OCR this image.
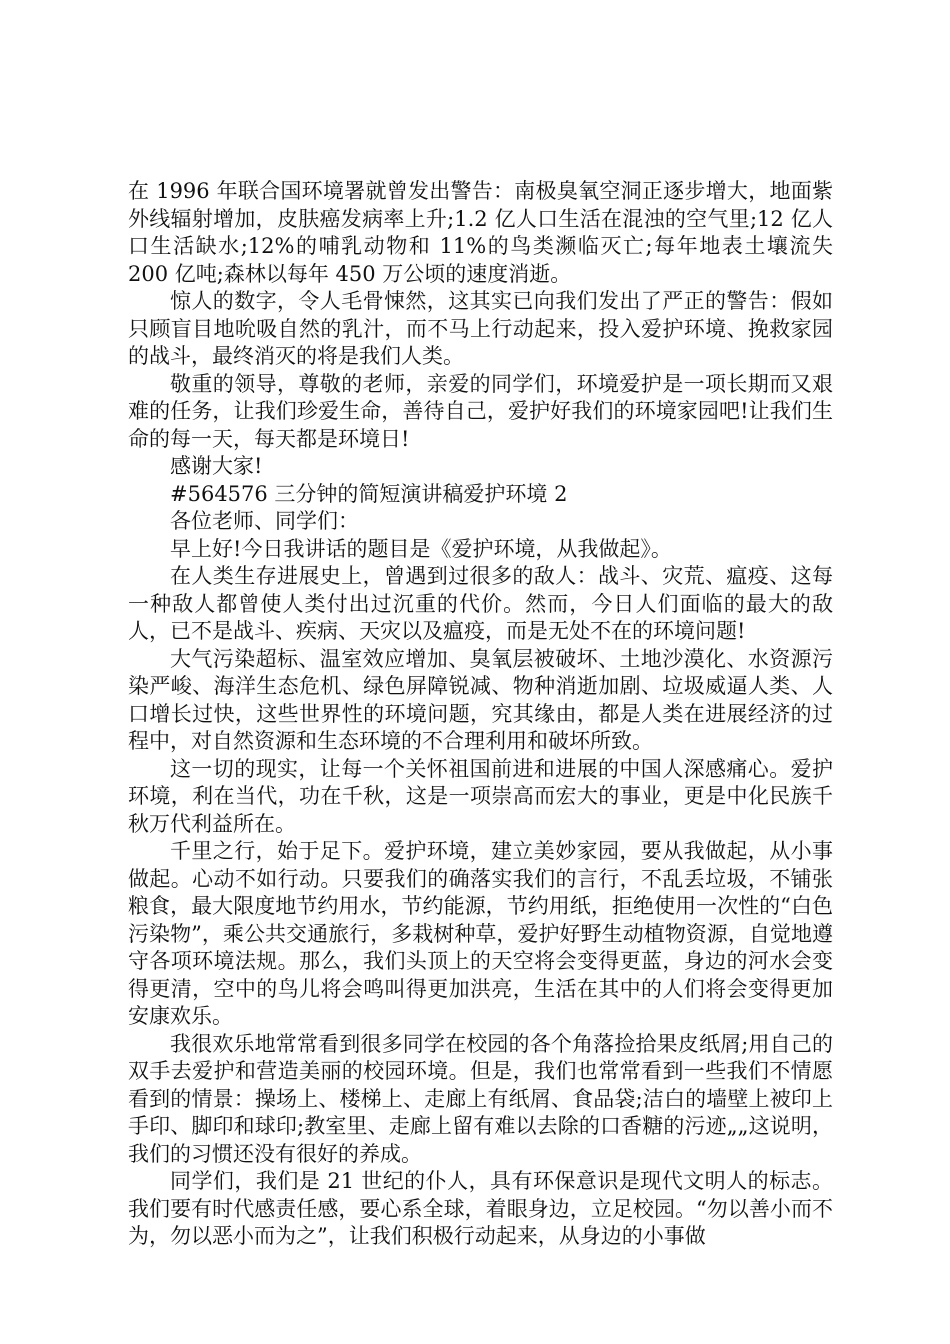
在 1996 年联合国环境署就曾发出警告：南极臭氧空洞正逐步增大，地面紫外线辐射增加，皮肤癌发病率上升;1.2 亿人口生活在混浊的空气里;12 亿人口生活缺水;12%的哺乳动物和 11%的鸟类濒临灭亡;每年地表土壤流失 200 亿吨;森林以每年 450 万公顷的速度消逝。

惊人的数字，令人毛骨悚然，这其实已向我们发出了严正的警告：假如只顾盲目地吮吸自然的乳汁，而不马上行动起来，投入爱护环境、挽救家园的战斗，最终消灭的将是我们人类。

敬重的领导，尊敬的老师，亲爱的同学们，环境爱护是一项长期而又艰难的任务，让我们珍爱生命，善待自己，爱护好我们的环境家园吧!让我们生命的每一天，每天都是环境日!

感谢大家!

#564576 三分钟的简短演讲稿爱护环境 2

各位老师、同学们：

早上好!今日我讲话的题目是《爱护环境，从我做起》。

在人类生存进展史上，曾遇到过很多的敌人：战斗、灾荒、瘟疫、这每一种敌人都曾使人类付出过沉重的代价。然而，今日人们面临的最大的敌人，已不是战斗、疾病、天灾以及瘟疫，而是无处不在的环境问题!

大气污染超标、温室效应增加、臭氧层被破坏、土地沙漠化、水资源污染严峻、海洋生态危机、绿色屏障锐减、物种消逝加剧、垃圾威逼人类、人口增长过快，这些世界性的环境问题，究其缘由，都是人类在进展经济的过程中，对自然资源和生态环境的不合理利用和破坏所致。

这一切的现实，让每一个关怀祖国前进和进展的中国人深感痛心。爱护环境，利在当代，功在千秋，这是一项崇高而宏大的事业，更是中化民族千秋万代利益所在。

千里之行，始于足下。爱护环境，建立美妙家园，要从我做起，从小事做起。心动不如行动。只要我们的确落实我们的言行，不乱丢垃圾，不铺张粮食，最大限度地节约用水，节约能源，节约用纸，拒绝使用一次性的“白色污染物”，乘公共交通旅行，多栽树种草，爱护好野生动植物资源，自觉地遵守各项环境法规。那么，我们头顶上的天空将会变得更蓝，身边的河水会变得更清，空中的鸟儿将会鸣叫得更加洪亮，生活在其中的人们将会变得更加安康欢乐。

我很欢乐地常常看到很多同学在校园的各个角落捡拾果皮纸屑;用自己的双手去爱护和营造美丽的校园环境。但是，我们也常常看到一些我们不情愿看到的情景：操场上、楼梯上、走廊上有纸屑、食品袋;洁白的墙壁上被印上手印、脚印和球印;教室里、走廊上留有难以去除的口香糖的污迹„„这说明，我们的习惯还没有很好的养成。

同学们，我们是 21 世纪的仆人，具有环保意识是现代文明人的标志。我们要有时代感责任感，要心系全球，着眼身边，立足校园。“勿以善小而不为，勿以恶小而为之”，让我们积极行动起来，从身边的小事做
